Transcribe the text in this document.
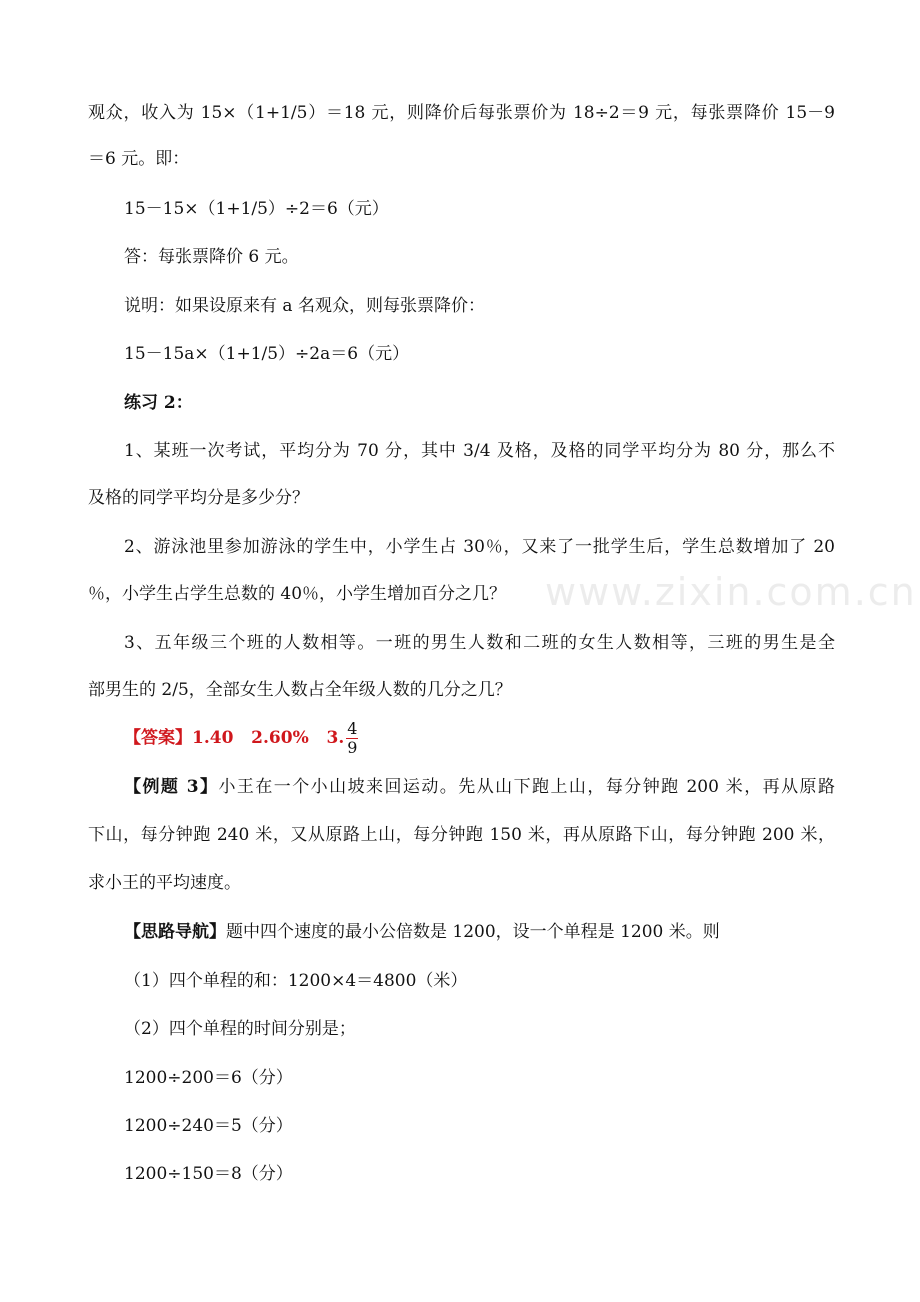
观众，收入为 15×（1+1/5）＝18 元，则降价后每张票价为 18÷2＝9 元，每张票降价 15－9
＝6 元。即：
15－15×（1+1/5）÷2＝6（元）
答：每张票降价 6 元。
说明：如果设原来有 a 名观众，则每张票降价：
15－15a×（1+1/5）÷2a＝6（元）
练习 2：
1、某班一次考试，平均分为 70 分，其中 3/4 及格，及格的同学平均分为 80 分，那么不
及格的同学平均分是多少分？
2、游泳池里参加游泳的学生中，小学生占 30％，又来了一批学生后，学生总数增加了 20
％，小学生占学生总数的 40％，小学生增加百分之几？
3、五年级三个班的人数相等。一班的男生人数和二班的女生人数相等，三班的男生是全
部男生的 2/5，全部女生人数占全年级人数的几分之几？
【答案】1.40 2.60% 3. $\frac{4}{9}$
【例题 3】小王在一个小山坡来回运动。先从山下跑上山，每分钟跑 200 米，再从原路
下山，每分钟跑 240 米，又从原路上山，每分钟跑 150 米，再从原路下山，每分钟跑 200 米，
求小王的平均速度。
【思路导航】题中四个速度的最小公倍数是 1200，设一个单程是 1200 米。则
（1）四个单程的和：1200×4＝4800（米）
（2）四个单程的时间分别是；
1200÷200＝6（分）
1200÷240＝5（分）
1200÷150＝8（分）
www.zixin.com.cn
